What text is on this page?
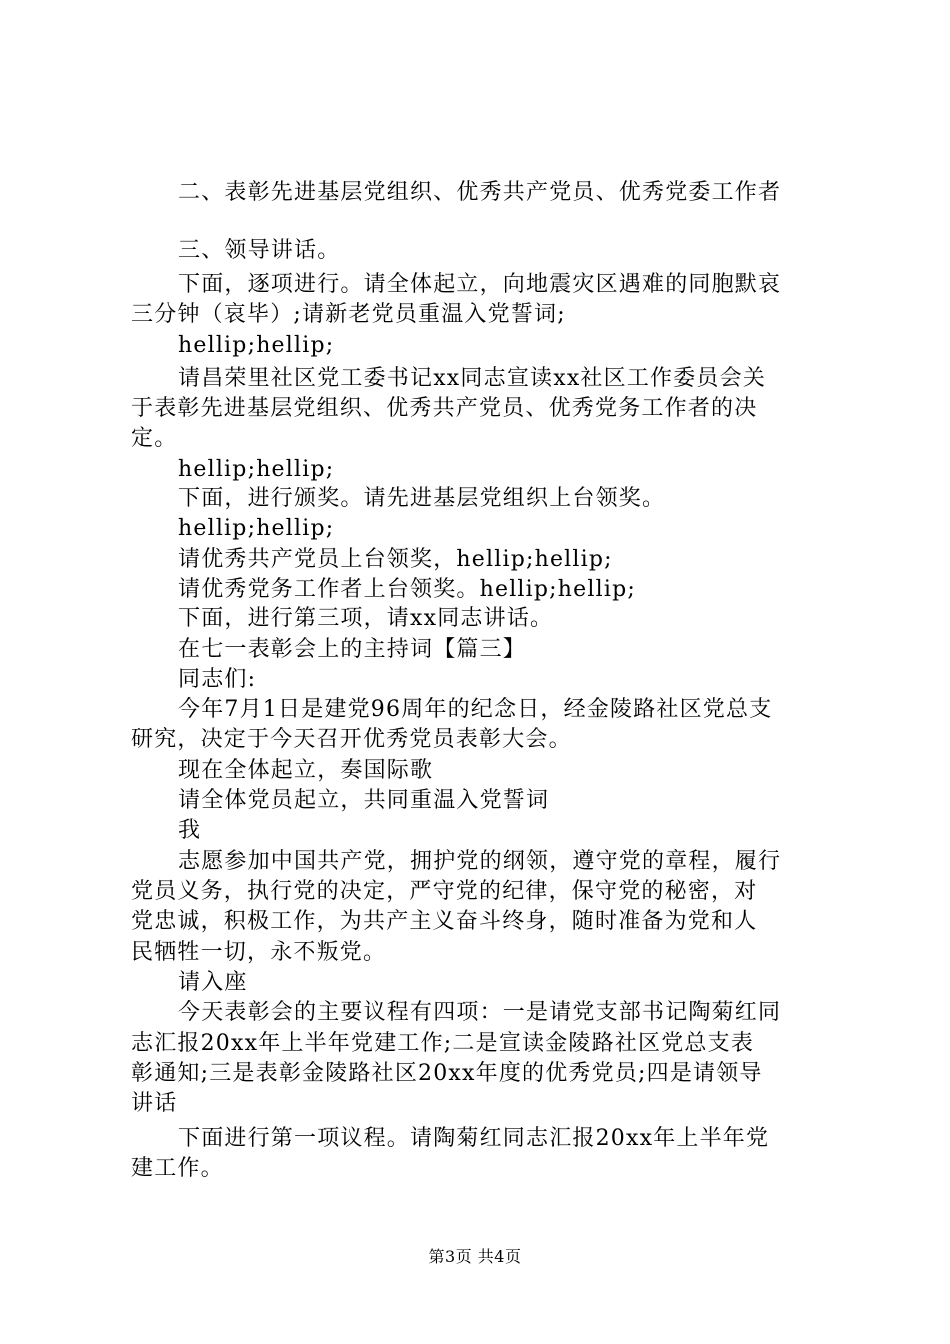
二、表彰先进基层党组织、优秀共产党员、优秀党委工作者
三、领导讲话。
下面，逐项进行。请全体起立，向地震灾区遇难的同胞默哀
三分钟（哀毕）;请新老党员重温入党誓词;
hellip;hellip;
请昌荣里社区党工委书记xx同志宣读xx社区工作委员会关
于表彰先进基层党组织、优秀共产党员、优秀党务工作者的决
定。
hellip;hellip;
下面，进行颁奖。请先进基层党组织上台领奖。
hellip;hellip;
请优秀共产党员上台领奖，hellip;hellip;
请优秀党务工作者上台领奖。hellip;hellip;
下面，进行第三项，请xx同志讲话。
在七一表彰会上的主持词【篇三】
同志们:
今年7月1日是建党96周年的纪念日，经金陵路社区党总支
研究，决定于今天召开优秀党员表彰大会。
现在全体起立，奏国际歌
请全体党员起立，共同重温入党誓词
我
志愿参加中国共产党，拥护党的纲领，遵守党的章程，履行
党员义务，执行党的决定，严守党的纪律，保守党的秘密，对
党忠诚，积极工作，为共产主义奋斗终身，随时准备为党和人
民牺牲一切，永不叛党。
请入座
今天表彰会的主要议程有四项：一是请党支部书记陶菊红同
志汇报20xx年上半年党建工作;二是宣读金陵路社区党总支表
彰通知;三是表彰金陵路社区20xx年度的优秀党员;四是请领导
讲话
下面进行第一项议程。请陶菊红同志汇报20xx年上半年党
建工作。
第3页 共4页
